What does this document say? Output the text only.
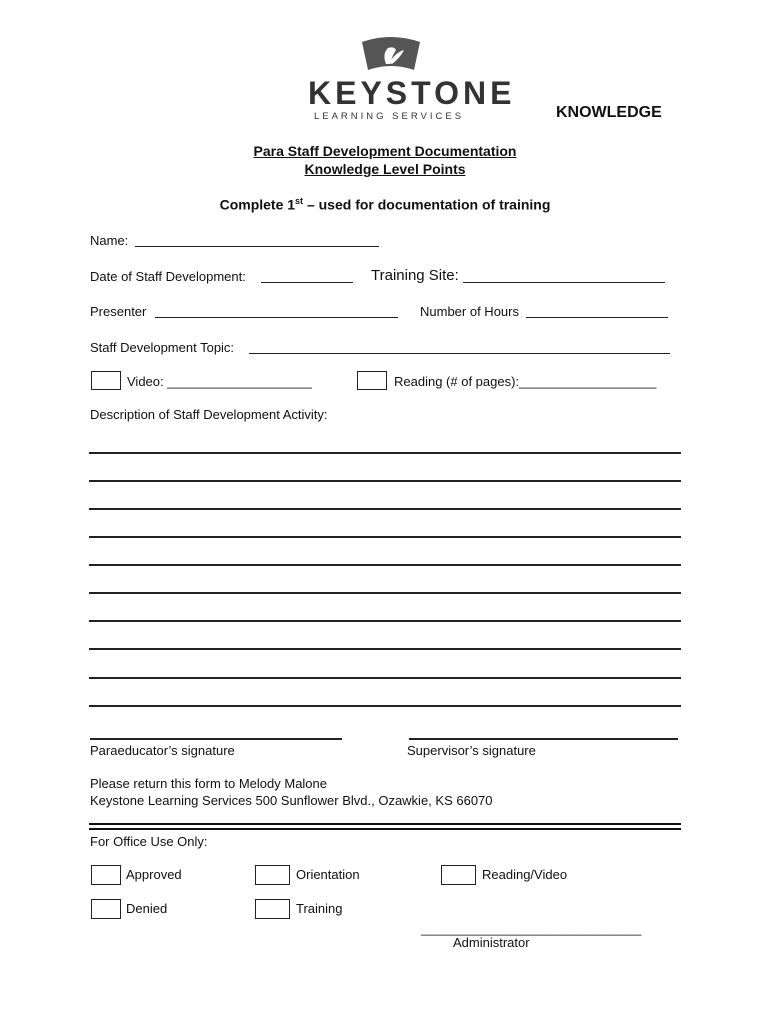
KEYSTONE
LEARNING SERVICES	KNOWLEDGE
Para Staff Development Documentation
Knowledge Level Points
Complete 1st – used for documentation of training
Name:
Date of Staff Development:	Training Site:
Presenter	Number of Hours
Staff Development Topic:
Video: ____________________	Reading (# of pages):___________________
Description of Staff Development Activity:
Paraeducator’s signature	Supervisor’s signature
Please return this form to Melody Malone
Keystone Learning Services 500 Sunflower Blvd., Ozawkie, KS 66070
For Office Use Only:
Approved	Orientation	Reading/Video
Denied	Training
__________________________________
Administrator
